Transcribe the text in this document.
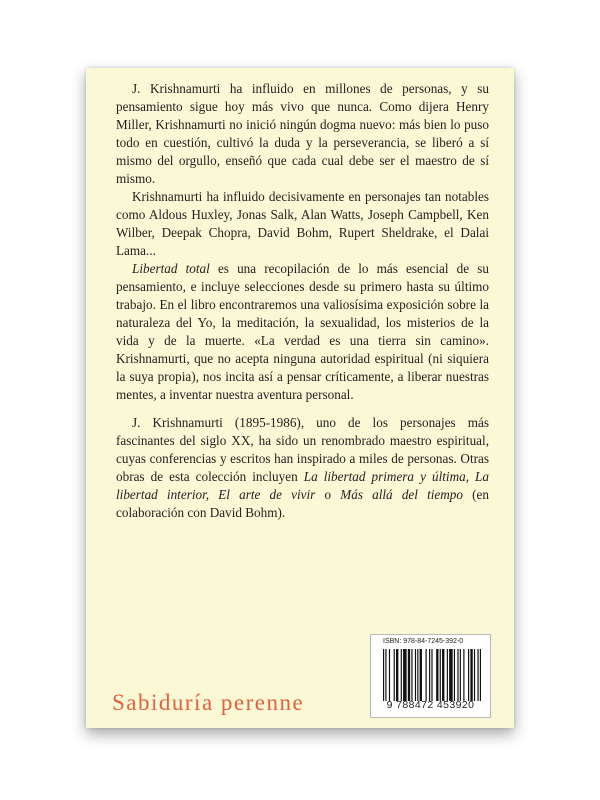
J. Krishnamurti ha influido en millones de personas, y su pensamiento sigue hoy más vivo que nunca. Como dijera Henry Miller, Krishnamurti no inició ningún dogma nuevo: más bien lo puso todo en cuestión, cultivó la duda y la perseverancia, se liberó a sí mismo del orgullo, enseñó que cada cual debe ser el maestro de sí mismo.

Krishnamurti ha influido decisivamente en personajes tan notables como Aldous Huxley, Jonas Salk, Alan Watts, Joseph Campbell, Ken Wilber, Deepak Chopra, David Bohm, Rupert Sheldrake, el Dalai Lama...

Libertad total es una recopilación de lo más esencial de su pensamiento, e incluye selecciones desde su primero hasta su último trabajo. En el libro encontraremos una valiosísima exposición sobre la naturaleza del Yo, la meditación, la sexualidad, los misterios de la vida y de la muerte. «La verdad es una tierra sin camino». Krishnamurti, que no acepta ninguna autoridad espiritual (ni siquiera la suya propia), nos incita así a pensar críticamente, a liberar nuestras mentes, a inventar nuestra aventura personal.

J. Krishnamurti (1895-1986), uno de los personajes más fascinantes del siglo XX, ha sido un renombrado maestro espiritual, cuyas conferencias y escritos han inspirado a miles de personas. Otras obras de esta colección incluyen La libertad primera y última, La libertad interior, El arte de vivir o Más allá del tiempo (en colaboración con David Bohm).

Sabiduría perenne
ISBN: 978-84-7245-392-0
9 788472 453920
